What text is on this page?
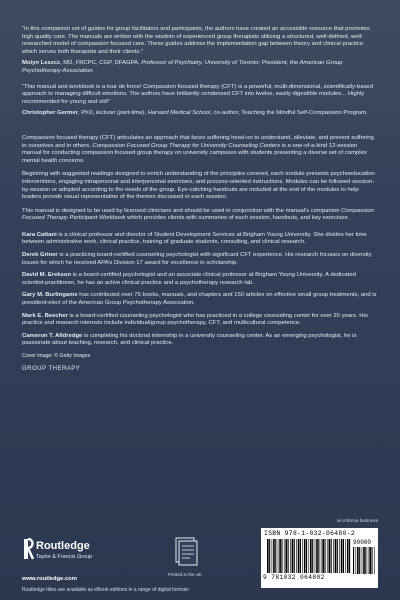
“In this companion set of guides for group facilitators and participants, the authors have created an accessible resource that promotes high quality care. The manuals are written with the wisdom of experienced group therapists utilizing a structured, well-defined, well-researched model of compassion focused care. These guides address the implementation gap between theory and clinical practice which serves both therapists and their clients.”

Molyn Leszcz, MD, FRCPC, CGP, DFAGPA, Professor of Psychiatry, University of Toronto; President, the American Group Psychotherapy Association.

“This manual and workbook is a tour de force! Compassion focused therapy (CFT) is a powerful, multi-dimensional, scientifically-based approach to managing difficult emotions. The authors have brilliantly condensed CFT into twelve, easily digestible modules... Highly recommended for young and old!”

Christopher Germer, PhD, lecturer (part-time), Harvard Medical School, co-author, Teaching the Mindful Self-Compassion Program.

Compassion focused therapy (CFT) articulates an approach that faces suffering head-on to understand, alleviate, and prevent suffering in ourselves and in others. Compassion Focused Group Therapy for University Counseling Centers is a one-of-a-kind 12-session manual for conducting compassion focused group therapy on university campuses with students presenting a diverse set of complex mental health concerns.

Beginning with suggested readings designed to enrich understanding of the principles covered, each module presents psychoeducation interventions, engaging intrapersonal and interpersonal exercises, and process-oriented instructions. Modules can be followed session-by-session or adopted according to the needs of the group. Eye-catching handouts are included at the end of the modules to help leaders provide visual representation of the themes discussed in each session.

This manual is designed to be used by licensed clinicians and should be used in conjunction with the manual’s companion Compassion Focused Therapy Participant Workbook which provides clients with summaries of each session, handouts, and key exercises.

Kara Cattani is a clinical professor and director of Student Development Services at Brigham Young University. She divides her time between administrative work, clinical practice, training of graduate students, consulting, and clinical research.

Derek Griner is a practicing board-certified counseling psychologist with significant CFT experience. His research focuses on diversity issues for which he received APA’s Division 17 award for excellence in scholarship.

David M. Erekson is a board-certified psychologist and an associate clinical professor at Brigham Young University. A dedicated scientist-practitioner, he has an active clinical practice and a psychotherapy research lab.

Gary M. Burlingame has contributed over 75 books, manuals, and chapters and 150 articles on effective small group treatments, and is president-elect of the American Group Psychotherapy Association.

Mark E. Beecher is a board-certified counseling psychologist who has practiced in a college counseling center for over 20 years. His practice and research interests include individual/group psychotherapy, CFT, and multicultural competence.

Cameron T. Alldredge is completing his doctoral internship in a university counseling center. As an emerging psychologist, he is passionate about teaching, research, and clinical practice.

Cover image: © Getty Images

GROUP THERAPY

Routledge
Taylor & Francis Group
www.routledge.com
Routledge titles are available as eBook editions in a range of digital formats
Printed in the UK
an informa business
ISBN 978-1-032-06480-2
90000
9 781032 064802
